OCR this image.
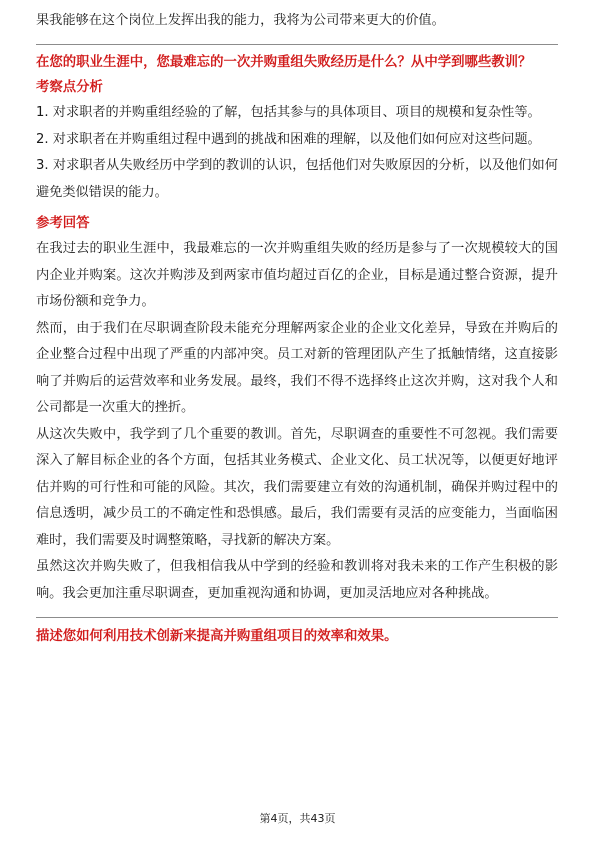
果我能够在这个岗位上发挥出我的能力，我将为公司带来更大的价值。

在您的职业生涯中，您最难忘的一次并购重组失败经历是什么？从中学到哪些教训？

考察点分析

1. 对求职者的并购重组经验的了解，包括其参与的具体项目、项目的规模和复杂性等。

2. 对求职者在并购重组过程中遇到的挑战和困难的理解，以及他们如何应对这些问题。

3. 对求职者从失败经历中学到的教训的认识，包括他们对失败原因的分析，以及他们如何避免类似错误的能力。

参考回答

在我过去的职业生涯中，我最难忘的一次并购重组失败的经历是参与了一次规模较大的国内企业并购案。这次并购涉及到两家市值均超过百亿的企业，目标是通过整合资源，提升市场份额和竞争力。

然而，由于我们在尽职调查阶段未能充分理解两家企业的企业文化差异，导致在并购后的企业整合过程中出现了严重的内部冲突。员工对新的管理团队产生了抵触情绪，这直接影响了并购后的运营效率和业务发展。最终，我们不得不选择终止这次并购，这对我个人和公司都是一次重大的挫折。

从这次失败中，我学到了几个重要的教训。首先，尽职调查的重要性不可忽视。我们需要深入了解目标企业的各个方面，包括其业务模式、企业文化、员工状况等，以便更好地评估并购的可行性和可能的风险。其次，我们需要建立有效的沟通机制，确保并购过程中的信息透明，减少员工的不确定性和恐惧感。最后，我们需要有灵活的应变能力，当面临困难时，我们需要及时调整策略，寻找新的解决方案。

虽然这次并购失败了，但我相信我从中学到的经验和教训将对我未来的工作产生积极的影响。我会更加注重尽职调查，更加重视沟通和协调，更加灵活地应对各种挑战。

描述您如何利用技术创新来提高并购重组项目的效率和效果。

第4页，共43页
